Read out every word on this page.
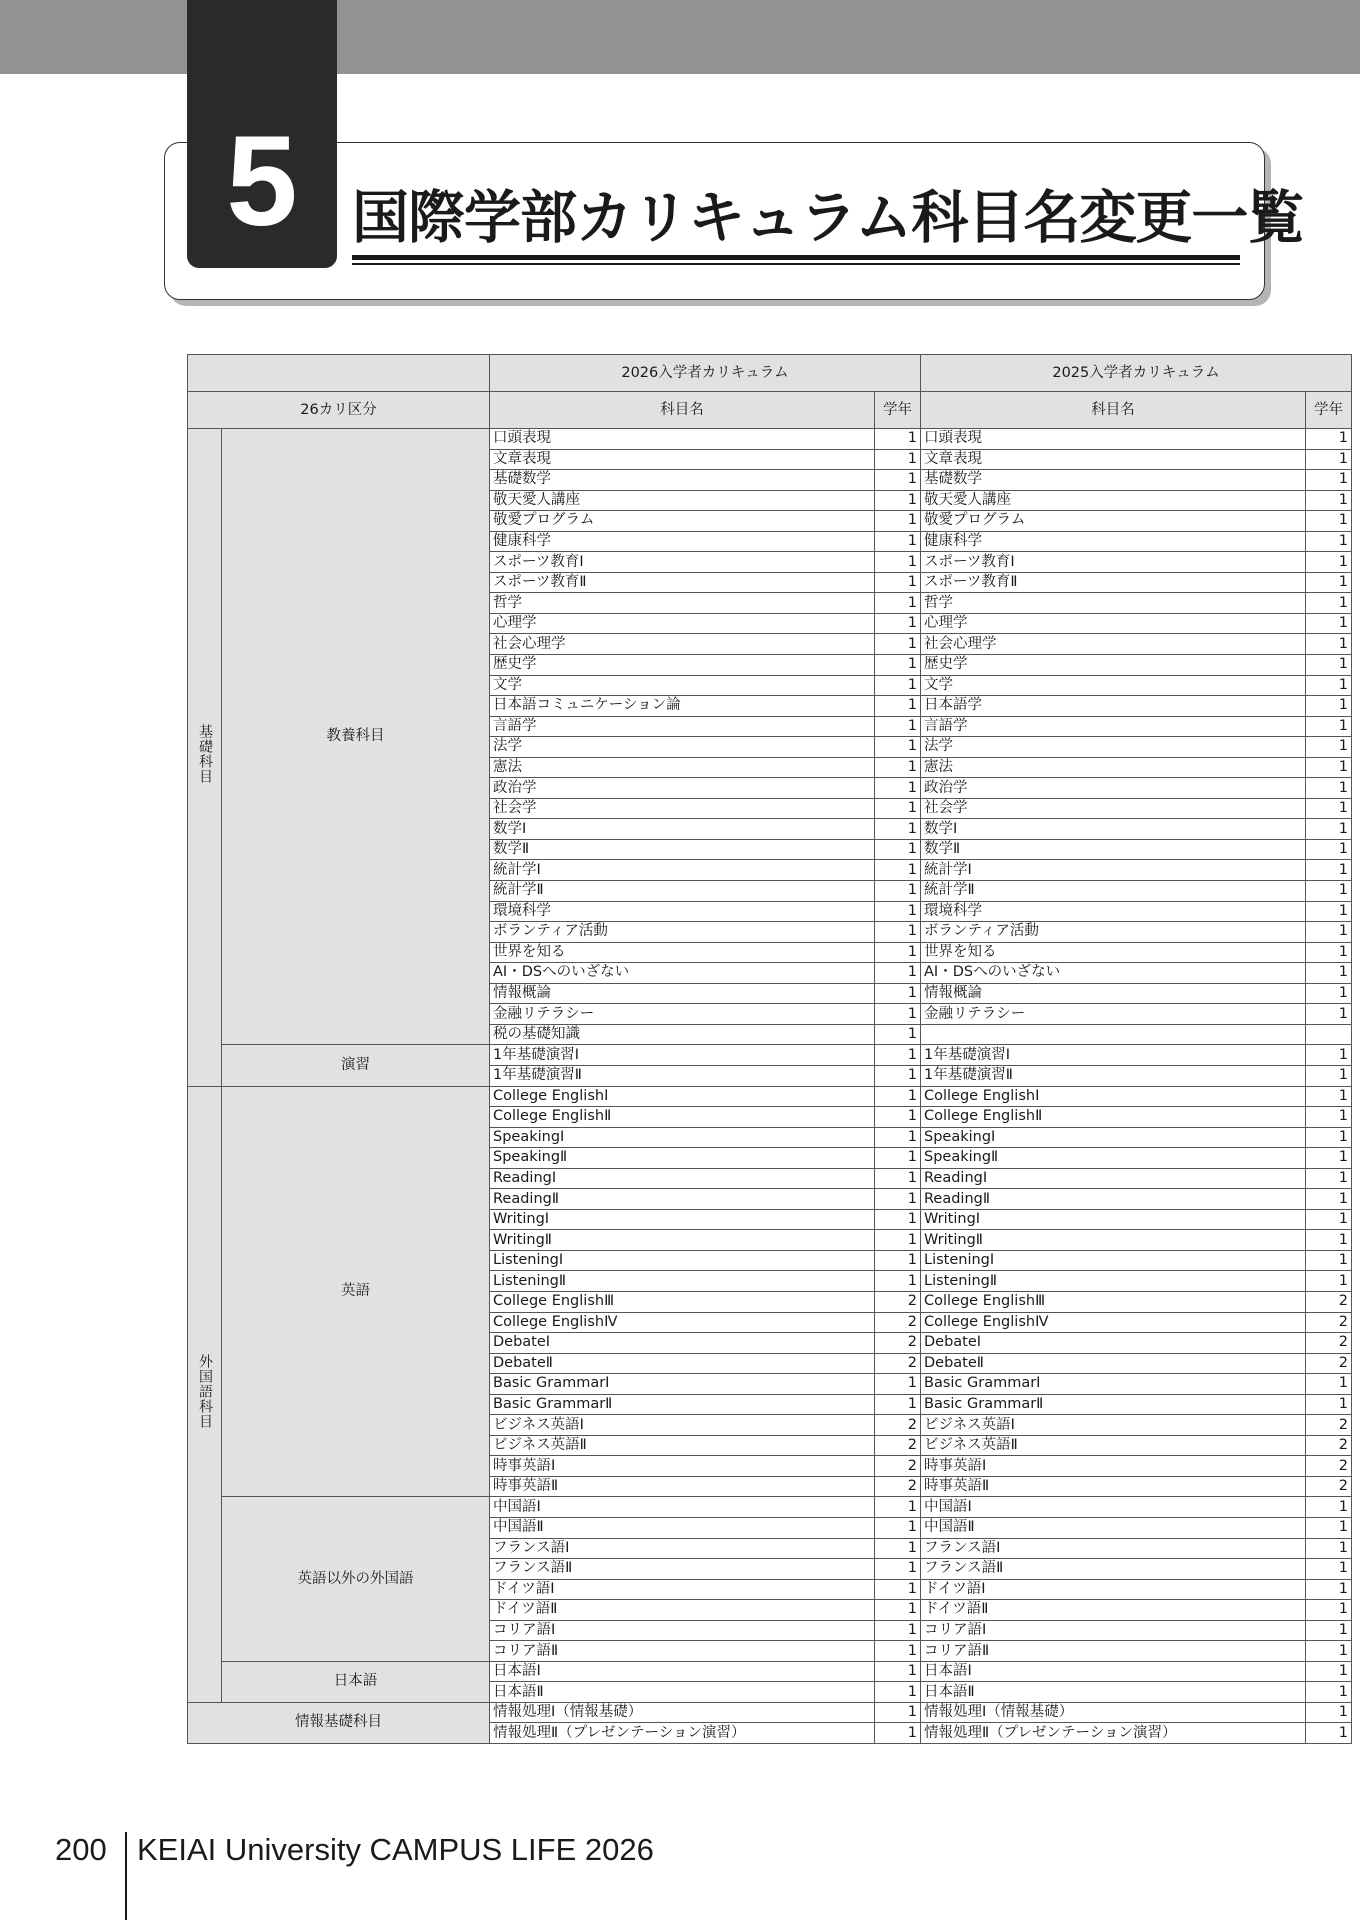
5 国際学部カリキュラム科目名変更一覧
		2026入学者カリキュラム		2025入学者カリキュラム	
26カリ区分		科目名	学年	科目名	学年
基礎科目	教養科目	口頭表現	1	口頭表現	1
		文章表現	1	文章表現	1
		基礎数学	1	基礎数学	1
		敬天愛人講座	1	敬天愛人講座	1
		敬愛プログラム	1	敬愛プログラム	1
		健康科学	1	健康科学	1
		スポーツ教育Ⅰ	1	スポーツ教育Ⅰ	1
		スポーツ教育Ⅱ	1	スポーツ教育Ⅱ	1
		哲学	1	哲学	1
		心理学	1	心理学	1
		社会心理学	1	社会心理学	1
		歴史学	1	歴史学	1
		文学	1	文学	1
		日本語コミュニケーション論	1	日本語学	1
		言語学	1	言語学	1
		法学	1	法学	1
		憲法	1	憲法	1
		政治学	1	政治学	1
		社会学	1	社会学	1
		数学Ⅰ	1	数学Ⅰ	1
		数学Ⅱ	1	数学Ⅱ	1
		統計学Ⅰ	1	統計学Ⅰ	1
		統計学Ⅱ	1	統計学Ⅱ	1
		環境科学	1	環境科学	1
		ボランティア活動	1	ボランティア活動	1
		世界を知る	1	世界を知る	1
		AI・DSへのいざない	1	AI・DSへのいざない	1
		情報概論	1	情報概論	1
		金融リテラシー	1	金融リテラシー	1
		税の基礎知識	1		
	演習	1年基礎演習Ⅰ	1	1年基礎演習Ⅰ	1
		1年基礎演習Ⅱ	1	1年基礎演習Ⅱ	1
外国語科目	英語	College EnglishⅠ	1	College EnglishⅠ	1
		College EnglishⅡ	1	College EnglishⅡ	1
		SpeakingⅠ	1	SpeakingⅠ	1
		SpeakingⅡ	1	SpeakingⅡ	1
		ReadingⅠ	1	ReadingⅠ	1
		ReadingⅡ	1	ReadingⅡ	1
		WritingⅠ	1	WritingⅠ	1
		WritingⅡ	1	WritingⅡ	1
		ListeningⅠ	1	ListeningⅠ	1
		ListeningⅡ	1	ListeningⅡ	1
		College EnglishⅢ	2	College EnglishⅢ	2
		College EnglishⅣ	2	College EnglishⅣ	2
		DebateⅠ	2	DebateⅠ	2
		DebateⅡ	2	DebateⅡ	2
		Basic GrammarⅠ	1	Basic GrammarⅠ	1
		Basic GrammarⅡ	1	Basic GrammarⅡ	1
		ビジネス英語Ⅰ	2	ビジネス英語Ⅰ	2
		ビジネス英語Ⅱ	2	ビジネス英語Ⅱ	2
		時事英語Ⅰ	2	時事英語Ⅰ	2
		時事英語Ⅱ	2	時事英語Ⅱ	2
	英語以外の外国語	中国語Ⅰ	1	中国語Ⅰ	1
		中国語Ⅱ	1	中国語Ⅱ	1
		フランス語Ⅰ	1	フランス語Ⅰ	1
		フランス語Ⅱ	1	フランス語Ⅱ	1
		ドイツ語Ⅰ	1	ドイツ語Ⅰ	1
		ドイツ語Ⅱ	1	ドイツ語Ⅱ	1
		コリア語Ⅰ	1	コリア語Ⅰ	1
		コリア語Ⅱ	1	コリア語Ⅱ	1
	日本語	日本語Ⅰ	1	日本語Ⅰ	1
		日本語Ⅱ	1	日本語Ⅱ	1
情報基礎科目		情報処理Ⅰ（情報基礎）	1	情報処理Ⅰ（情報基礎）	1
		情報処理Ⅱ（プレゼンテーション演習）	1	情報処理Ⅱ（プレゼンテーション演習）	1
200 KEIAI University CAMPUS LIFE 2026
